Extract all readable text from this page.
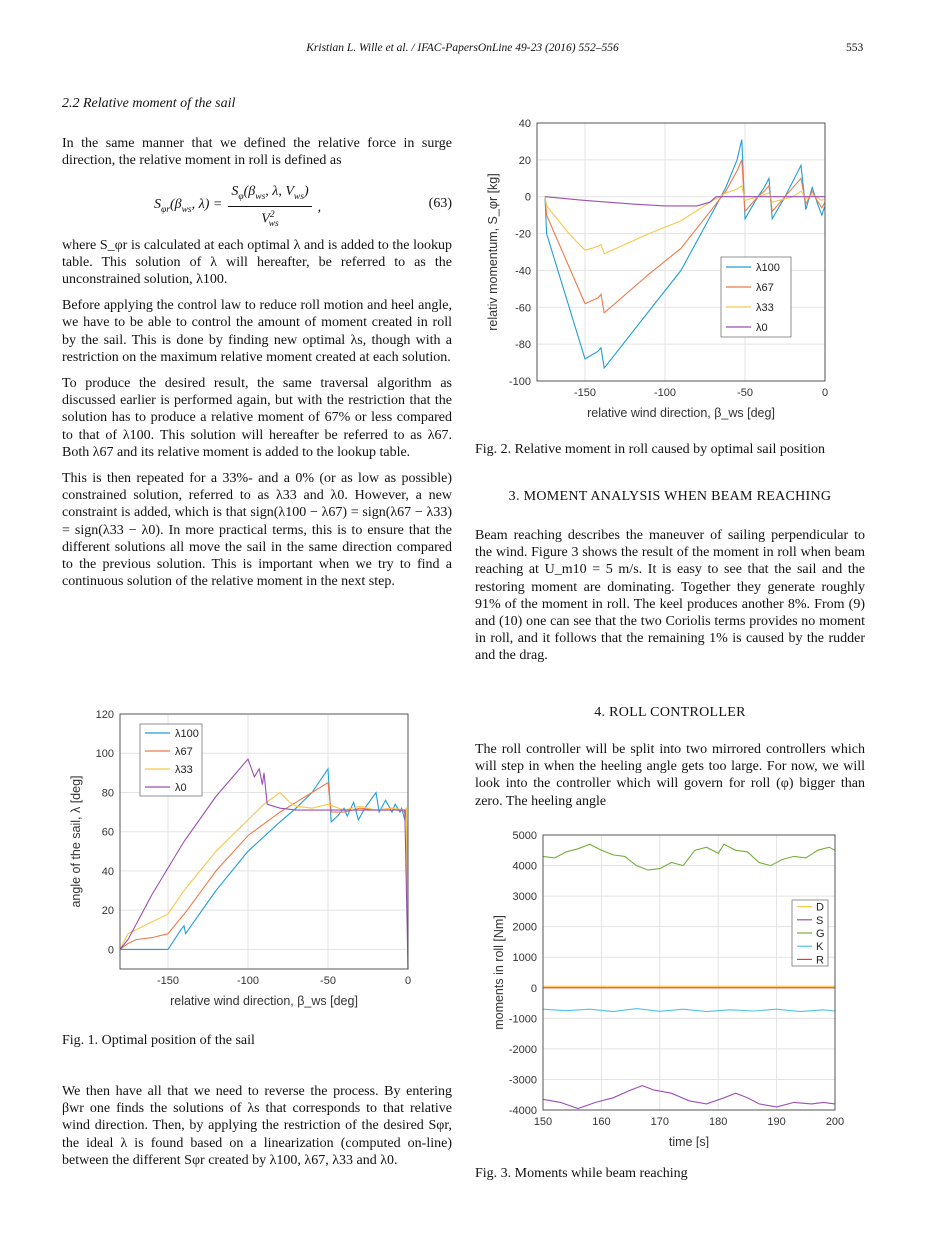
Kristian L. Wille et al. / IFAC-PapersOnLine 49-23 (2016) 552–556	553

2.2 Relative moment of the sail

In the same manner that we defined the relative force in surge direction, the relative moment in roll is defined as

$S_{\varphi r}(\beta_{ws}$, $\lambda) = \frac{S_\varphi(\beta_{ws}, \lambda, V_{ws})}{V^2_{ws}}$ ,	(63)

where S_φr is calculated at each optimal λ and is added to the lookup table. This solution of λ will hereafter, be referred to as the unconstrained solution, λ100.

Before applying the control law to reduce roll motion and heel angle, we have to be able to control the amount of moment created in roll by the sail. This is done by finding new optimal λs, though with a restriction on the maximum relative moment created at each solution.

To produce the desired result, the same traversal algorithm as discussed earlier is performed again, but with the restriction that the solution has to produce a relative moment of 67% or less compared to that of λ100. This solution will hereafter be referred to as λ67. Both λ67 and its relative moment is added to the lookup table.

This is then repeated for a 33%- and a 0% (or as low as possible) constrained solution, referred to as λ33 and λ0. However, a new constraint is added, which is that sign(λ100 − λ67) = sign(λ67 − λ33) = sign(λ33 − λ0). In more practical terms, this is to ensure that the different solutions all move the sail in the same direction compared to the previous solution. This is important when we try to find a continuous solution of the relative moment in the next step.

-150	-100	-50	0
0
20
40
60
80
100
120
relative wind direction, β_ws [deg]
angle of the sail, λ [deg]
λ100
λ67
λ33
λ0
Fig. 1. Optimal position of the sail

We then have all that we need to reverse the process. By entering βwr one finds the solutions of λs that corresponds to that relative wind direction. Then, by applying the restriction of the desired Sφr, the ideal λ is found based on a linearization (computed on-line) between the different Sφr created by λ100, λ67, λ33 and λ0.

-150	-100	-50	0
-100
-80
-60
-40
-20
0
20
40
relative wind direction, β_ws [deg]
relativ momentum, S_φr [kg]	λ100
λ67
λ33
λ0
Fig. 2. Relative moment in roll caused by optimal sail position
3. MOMENT ANALYSIS WHEN BEAM REACHING

Beam reaching describes the maneuver of sailing perpendicular to the wind. Figure 3 shows the result of the moment in roll when beam reaching at U_m10 = 5 m/s. It is easy to see that the sail and the restoring moment are dominating. Together they generate roughly 91% of the moment in roll. The keel produces another 8%. From (9) and (10) one can see that the two Coriolis terms provides no moment in roll, and it follows that the remaining 1% is caused by the rudder and the drag.

4. ROLL CONTROLLER

The roll controller will be split into two mirrored controllers which will step in when the heeling angle gets too large. For now, we will look into the controller which will govern for roll (φ) bigger than zero. The heeling angle

150	160	170	180	190	200
-4000
-3000
-2000
-1000
0
1000
2000
3000
4000
5000
time [s]
moments in roll [Nm]
D
S
G
K
R
Fig. 3. Moments while beam reaching
